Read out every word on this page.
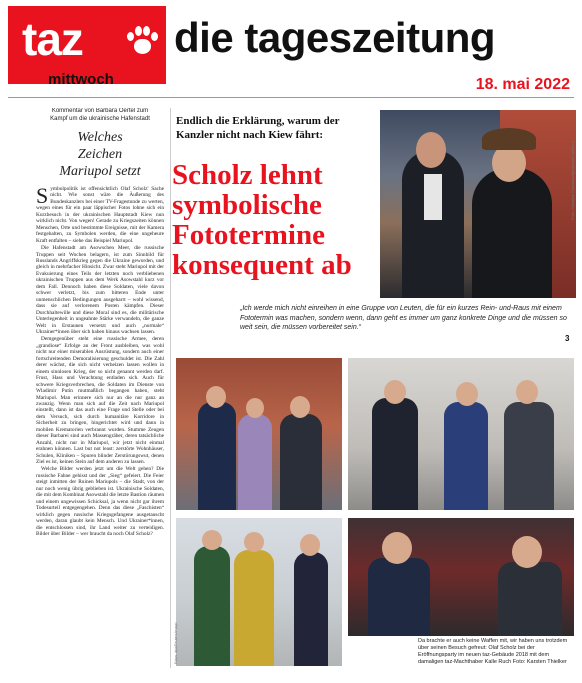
taz
mittwoch
die tageszeitung
18. mai 2022
Kommentar von Barbara Oertel zum
Kampf um die ukrainische Hafenstadt
Welches
Zeichen
Mariupol setzt

Symbolpolitik ist offensichtlich Olaf Scholz' Sache nicht. Wie sonst wäre die Äußerung des Bundeskanzlers bei einer TV-Fragestunde zu werten, wegen eines für ein paar läppischer Fotos lohne sich ein Kurzbesuch in der ukrainischen Hauptstadt Kiew nun wirklich nicht. Von wegen! Gerade zu Kriegszeiten können Menschen, Orte und bestimmte Ereignisse, mit der Kamera festgehalten, zu Symbolen werden, die eine ungeheure Kraft entfalten – siehe das Beispiel Mariupol.

Die Hafenstadt am Asowschen Meer, die russische Truppen seit Wochen belagern, ist zum Sinnbild für Russlands Angriffskrieg gegen die Ukraine geworden, und gleich in mehrfacher Hinsicht. Zwar steht Mariupol mit der Evakuierung eines Teils der letzten noch verbliebenen ukrainischen Truppen aus dem Werk Asowstahl kurz vor dem Fall. Dennoch haben diese Soldaten, viele davon schwer verletzt, bis zum bitteren Ende unter unmenschlichen Bedingungen ausgeharrt – wohl wissend, dass sie auf verlorenem Posten kämpfen. Dieser Durchhaltewille und diese Moral sind es, die militärische Unterlegenheit in ungeahnte Stärke verwandeln, die ganze Welt in Erstaunen versetzt und auch „normale“ Ukrainer*innen über sich haben hinaus wachsen lassen.

Demgegenüber steht eine russische Armee, deren „grandiose“ Erfolge an der Front ausbleiben, was wohl nicht nur einer miserablen Ausrüstung, sondern auch einer fortschreitenden Demoralisierung geschuldet ist. Die Zahl derer wächst, die sich nicht verheizen lassen wollen in einem sinnlosen Krieg, der so nicht genannt werden darf. Frust, Hass und Verachtung entladen sich. Auch für schwere Kriegsverbrechen, die Soldaten im Dienste von Wladimir Putin mutmaßlich begangen haben, steht Mariupol. Man erinnere sich nur an die nur ganz an zwanzig. Wenn man sich auf die Zeit nach Mariupol einstellt, dann ist das auch eine Frage und Stelle oder bei dem Versuch, sich durch humanitäre Korridore in Sicherheit zu bringen, hingerichtet wird und dann in mobilen Krematorien verbrannt wurden. Stumme Zeugen dieser Barbarei sind auch Massengräber, deren tatsächliche Anzahl, nicht nur in Mariupol, wir jetzt nicht einmal erahnen können. Last but not least: zerstörte Wohnhäuser, Schulen, Kliniken – Spuren blinder Zerstörungswut, denen Ziel es ist, keinen Stein auf dem anderen zu lassen.

Welche Bilder werden jetzt um die Welt gehen? Die russische Fahne gehisst und der „Sieg“ gefeiert. Die Feier steigt inmitten der Ruinen Mariupols – die Stadt, von der nur noch wenig übrig geblieben ist. Ukrainische Soldaten, die mit dem Kombinat Asowstahl die letzte Bastion räumen und einem ungewissen Schicksal, ja wenn nicht gar ihrem Todesurteil entgegengehen. Denn das diese „Faschisten“ wirklich gegen russische Kriegsgefangene ausgetauscht werden, daran glaubt kein Mensch. Und Ukrainer*innen, die entschlossen sind, ihr Land weiter zu verteidigen. Bilder über Bilder – wer braucht da noch Olaf Scholz?

Endlich die Erklärung, warum der Kanzler nicht nach Kiew fährt:
Scholz lehnt
symbolische
Fototermine
konsequent ab
Foto: Christian Charisius/dpa/picture alliance

„Ich werde mich nicht einreihen in eine Gruppe von Leuten, die für ein kurzes Rein- und-Raus mit einem Fototermin was machen, sondern wenn, dann geht es immer um ganz konkrete Dinge und die müssen so weit sein, die müssen vorbereitet sein.“

3
Fotos: dpa/Reuters/Imago	Da brachte er auch keine Waffen mit, wir haben uns trotzdem über seinen Besuch gefreut: Olaf Scholz bei der Eröffnungsparty im neuen taz-Gebäude 2018 mit dem damaligen taz-Machthaber Kalle Ruch Foto: Karsten Thielker
